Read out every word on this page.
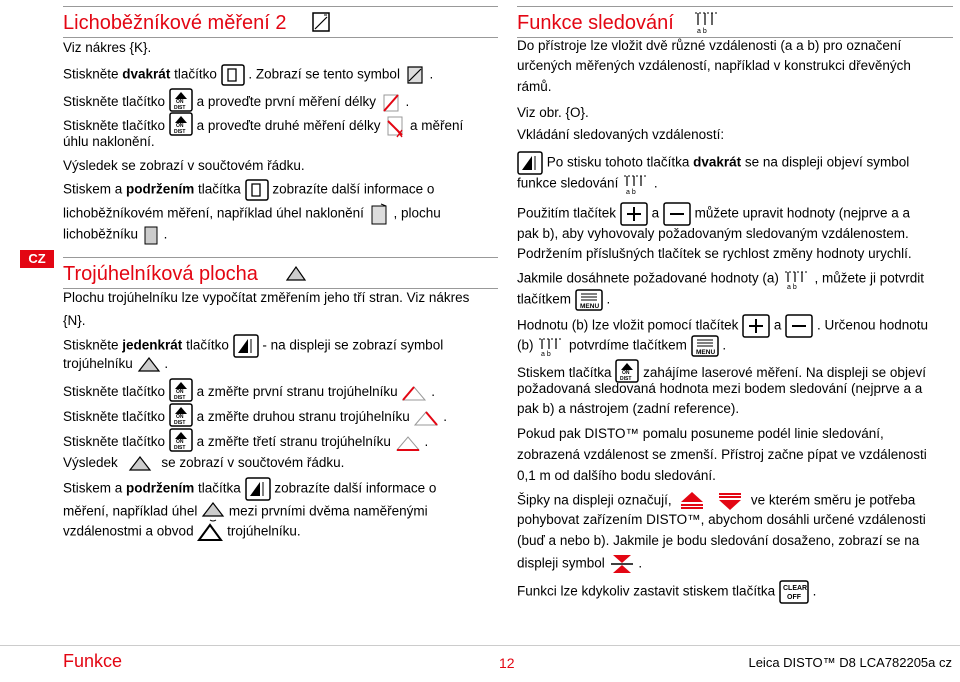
CZ
Lichoběžníkové měření 2
Viz nákres {K}.
Stiskněte dvakrát tlačítko . Zobrazí se tento symbol .
Stiskněte tlačítko ON
DIST a proveďte první měření délky .
Stiskněte tlačítko ON
DIST a proveďte druhé měření délky a měření
úhlu naklonění.
Výsledek se zobrazí v součtovém řádku.
Stiskem a podržením tlačítka zobrazíte další informace o
lichoběžníkovém měření, například úhel naklonění , plochu
lichoběžníku .
Trojúhelníková plocha
Plochu trojúhelníku lze vypočítat změřením jeho tří stran. Viz nákres
{N}.
Stiskněte jedenkrát tlačítko - na displeji se zobrazí symbol
trojúhelníku .
Stiskněte tlačítko ON
DIST a změřte první stranu trojúhelníku .
Stiskněte tlačítko ON
DIST a změřte druhou stranu trojúhelníku .
Stiskněte tlačítko ON
DIST a změřte třetí stranu trojúhelníku .
Výsledek	se zobrazí v součtovém řádku.
Stiskem a podržením tlačítka zobrazíte další informace o
měření, například úhel mezi prvními dvěma naměřenými
vzdálenostmi a obvod trojúhelníku.
Funkce sledování	a b
Do přístroje lze vložit dvě různé vzdálenosti (a a b) pro označení
určených měřených vzdáleností, například v konstrukci dřevěných
rámů.
Viz obr. {O}.
Vkládání sledovaných vzdáleností:
Po stisku tohoto tlačítka dvakrát se na displeji objeví symbol
funkce sledování
a b
.
Použitím tlačítek	a	můžete upravit hodnoty (nejprve a a
pak b), aby vyhovovaly požadovaným sledovaným vzdálenostem.
Podržením příslušných tlačítek se rychlost změny hodnoty urychlí.
Jakmile dosáhnete požadované hodnoty (a)
a b
, můžete ji potvrdit
tlačítkem MENU .
Hodnotu (b) lze vložit pomocí tlačítek	a	. Určenou hodnotu
(b)
a b
potvrdíme tlačítkem MENU .
Stiskem tlačítka ON
DIST zahájíme laserové měření. Na displeji se objeví
požadovaná sledovaná hodnota mezi bodem sledování (nejprve a a
pak b) a nástrojem (zadní reference).
Pokud pak DISTO™ pomalu posuneme podél linie sledování,
zobrazená vzdálenost se zmenší. Přístroj začne pípat ve vzdálenosti
0,1 m od dalšího bodu sledování.
Šipky na displeji označují,	ve kterém směru je potřeba
pohybovat zařízením DISTO™, abychom dosáhli určené vzdálenosti
(buď a nebo b). Jakmile je bodu sledování dosaženo, zobrazí se na
displeji symbol .
Funkci lze kdykoliv zastavit stiskem tlačítka CLEAR
OFF .
Funkce	12	Leica DISTO™ D8 LCA782205a cz
